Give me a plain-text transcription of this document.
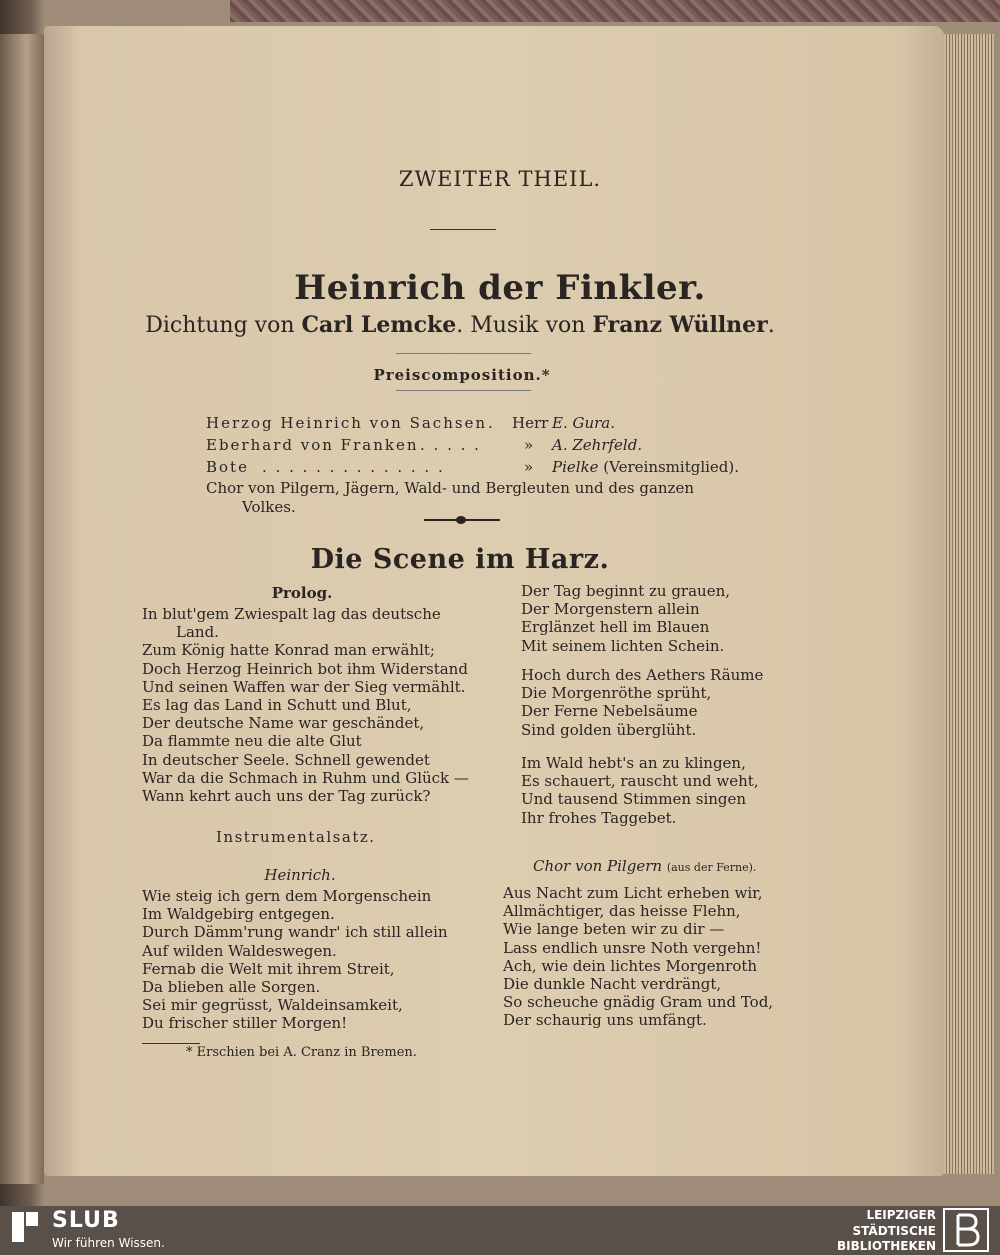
ZWEITER THEIL.
Heinrich der Finkler.
Dichtung von Carl Lemcke. Musik von Franz Wüllner.
Preiscomposition.*
Herzog Heinrich von Sachsen . Herr E. Gura.
Eberhard von Franken . . . . .	» A. Zehrfeld.
Bote . . . . . . . . . . . . . .	» Pielke (Vereinsmitglied).
Chor von Pilgern, Jägern, Wald- und Bergleuten und des ganzen
Volkes.
Die Scene im Harz.
Prolog.
In blut'gem Zwiespalt lag das deutsche
Land.
Zum König hatte Konrad man erwählt;
Doch Herzog Heinrich bot ihm Widerstand
Und seinen Waffen war der Sieg vermählt.
Es lag das Land in Schutt und Blut,
Der deutsche Name war geschändet,
Da flammte neu die alte Glut
In deutscher Seele. Schnell gewendet
War da die Schmach in Ruhm und Glück —
Wann kehrt auch uns der Tag zurück?
Instrumentalsatz.
Heinrich.
Wie steig ich gern dem Morgenschein
Im Waldgebirg entgegen.
Durch Dämm'rung wandr' ich still allein
Auf wilden Waldeswegen.
Fernab die Welt mit ihrem Streit,
Da blieben alle Sorgen.
Sei mir gegrüsst, Waldeinsamkeit,
Du frischer stiller Morgen!
Der Tag beginnt zu grauen,
Der Morgenstern allein
Erglänzet hell im Blauen
Mit seinem lichten Schein.
Hoch durch des Aethers Räume
Die Morgenröthe sprüht,
Der Ferne Nebelsäume
Sind golden überglüht.
Im Wald hebt's an zu klingen,
Es schauert, rauscht und weht,
Und tausend Stimmen singen
Ihr frohes Taggebet.
Chor von Pilgern (aus der Ferne).
Aus Nacht zum Licht erheben wir,
Allmächtiger, das heisse Flehn,
Wie lange beten wir zu dir —
Lass endlich unsre Noth vergehn!
Ach, wie dein lichtes Morgenroth
Die dunkle Nacht verdrängt,
So scheuche gnädig Gram und Tod,
Der schaurig uns umfängt.
* Erschien bei A. Cranz in Bremen.
SLUB
Wir führen Wissen.
LEIPZIGER
STÄDTISCHE
BIBLIOTHEKEN
